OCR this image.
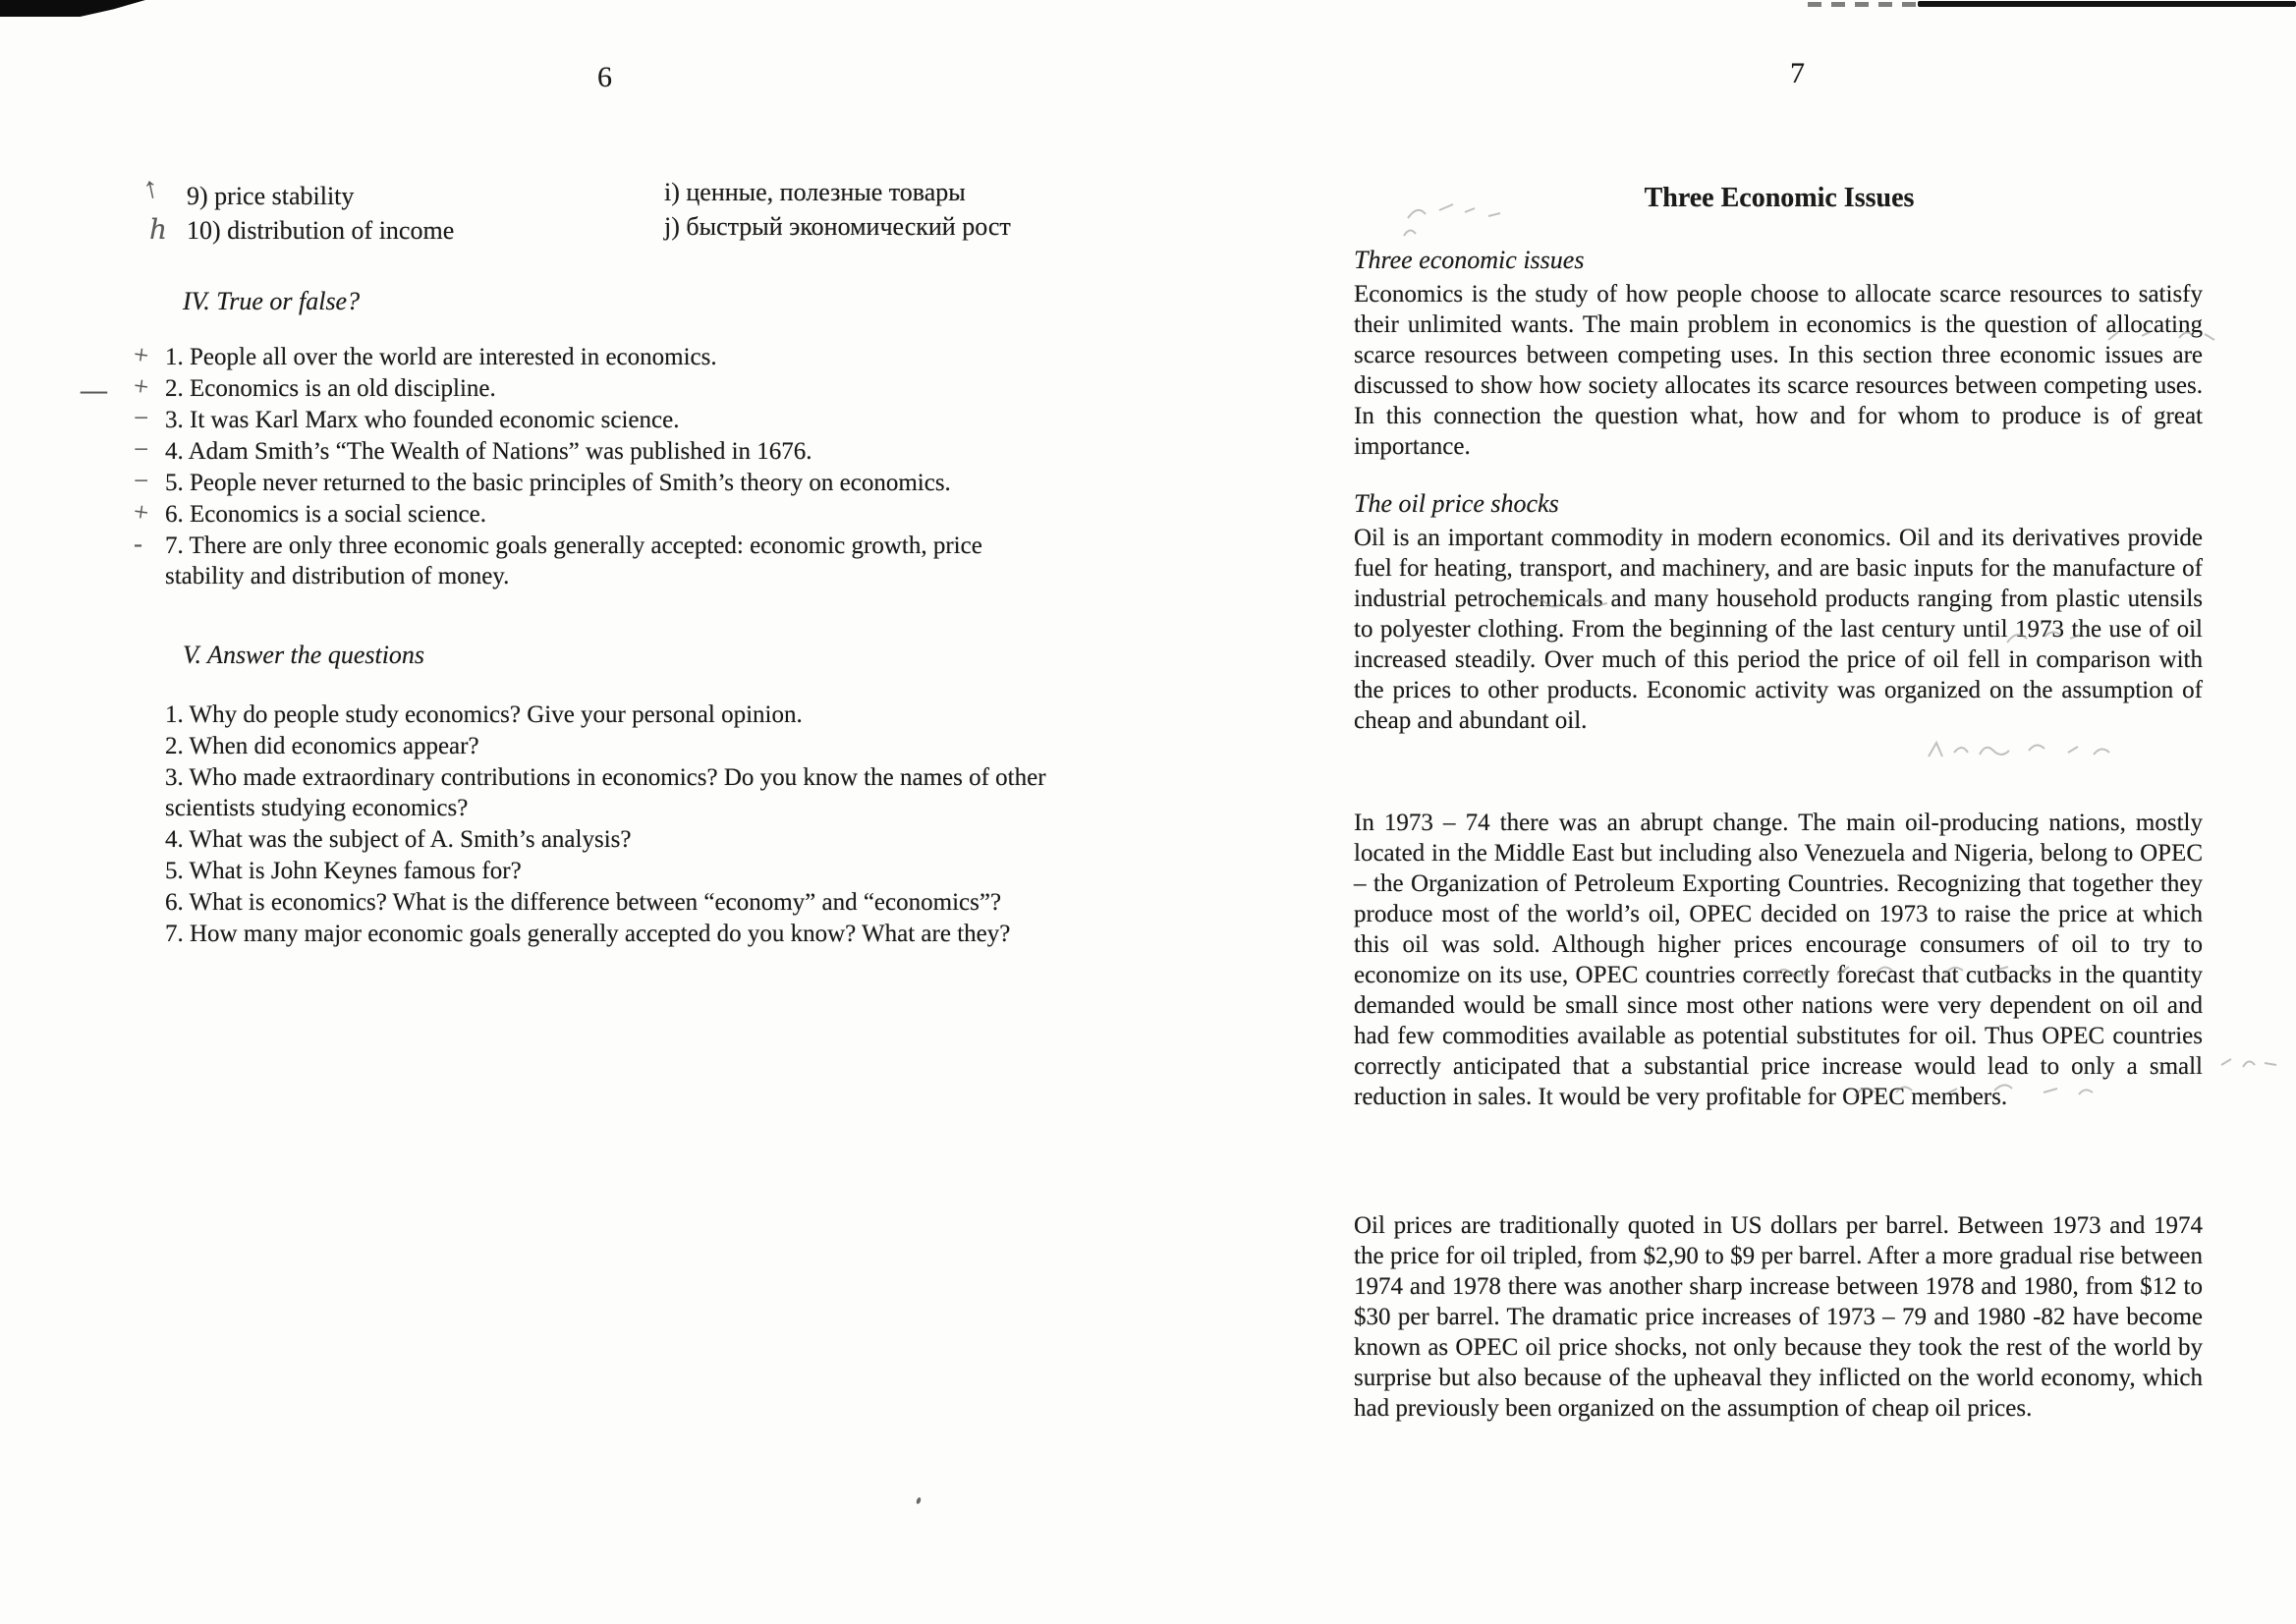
6	7

↑ 9) price stability

ℎ 10) distribution of income

i) ценные, полезные товары

j) быстрый экономический рост

IV. True or false?

+ 1. People all over the world are interested in economics.

— + 2. Economics is an old discipline.

− 3. It was Karl Marx who founded economic science.

− 4. Adam Smith’s “The Wealth of Nations” was published in 1676.

− 5. People never returned to the basic principles of Smith’s theory on economics.

+ 6. Economics is a social science.

- 7. There are only three economic goals generally accepted: economic growth, price stability and distribution of money.

V. Answer the questions

1. Why do people study economics? Give your personal opinion.

2. When did economics appear?

3. Who made extraordinary contributions in economics? Do you know the names of other scientists studying economics?

4. What was the subject of A. Smith’s analysis?

5. What is John Keynes famous for?

6. What is economics? What is the difference between “economy” and “economics”?

7. How many major economic goals generally accepted do you know? What are they?

Three Economic Issues
Three economic issues

Economics is the study of how people choose to allocate scarce resources to satisfy their unlimited wants. The main problem in economics is the question of allocating scarce resources between competing uses. In this section three economic issues are discussed to show how society allocates its scarce resources between competing uses. In this connection the question what, how and for whom to produce is of great importance.

The oil price shocks

Oil is an important commodity in modern economics. Oil and its derivatives provide fuel for heating, transport, and machinery, and are basic inputs for the manufacture of industrial petrochemicals and many household products ranging from plastic utensils to polyester clothing. From the beginning of the last century until 1973 the use of oil increased steadily. Over much of this period the price of oil fell in comparison with the prices to other products. Economic activity was organized on the assumption of cheap and abundant oil.

In 1973 – 74 there was an abrupt change. The main oil-producing nations, mostly located in the Middle East but including also Venezuela and Nigeria, belong to OPEC – the Organization of Petroleum Exporting Countries. Recognizing that together they produce most of the world’s oil, OPEC decided on 1973 to raise the price at which this oil was sold. Although higher prices encourage consumers of oil to try to economize on its use, OPEC countries correctly forecast that cutbacks in the quantity demanded would be small since most other nations were very dependent on oil and had few commodities available as potential substitutes for oil. Thus OPEC countries correctly anticipated that a substantial price increase would lead to only a small reduction in sales. It would be very profitable for OPEC members.

Oil prices are traditionally quoted in US dollars per barrel. Between 1973 and 1974 the price for oil tripled, from $2,90 to $9 per barrel. After a more gradual rise between 1974 and 1978 there was another sharp increase between 1978 and 1980, from $12 to $30 per barrel. The dramatic price increases of 1973 – 79 and 1980 -82 have become known as OPEC oil price shocks, not only because they took the rest of the world by surprise but also because of the upheaval they inflicted on the world economy, which had previously been organized on the assumption of cheap oil prices.
